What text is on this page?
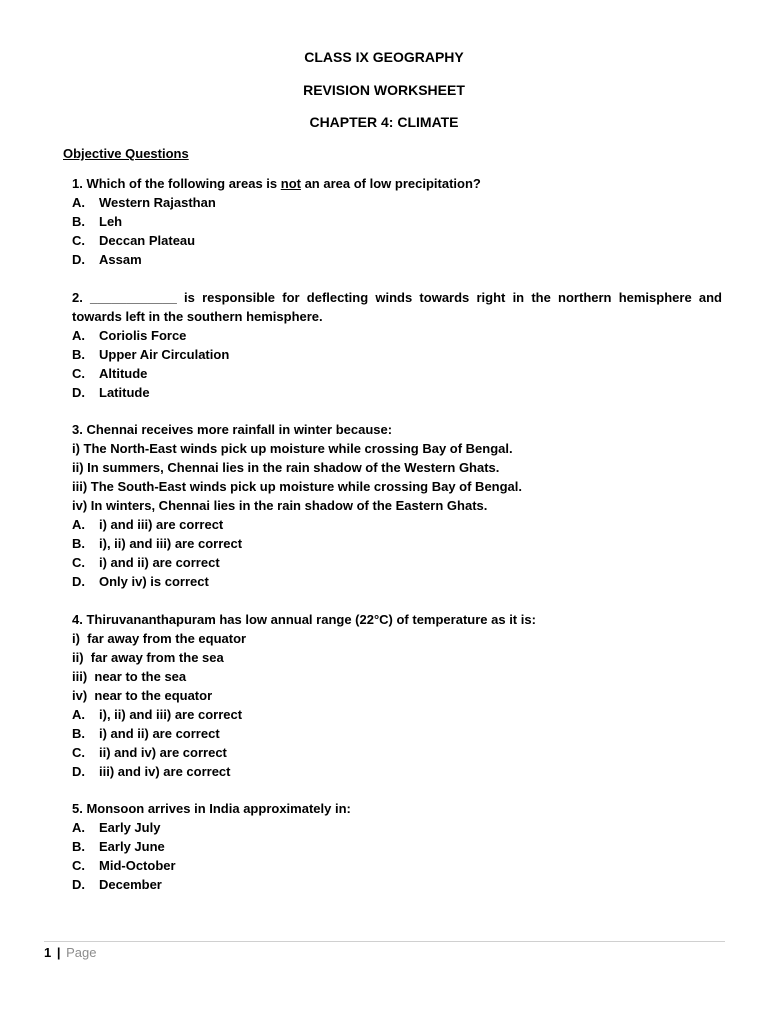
CLASS IX GEOGRAPHY
REVISION WORKSHEET
CHAPTER 4: CLIMATE
Objective Questions
1. Which of the following areas is not an area of low precipitation?
A.	Western Rajasthan
B.	Leh
C.	Deccan Plateau
D.	Assam
2. ____________ is responsible for deflecting winds towards right in the northern hemisphere and towards left in the southern hemisphere.
A.	Coriolis Force
B.	Upper Air Circulation
C.	Altitude
D.	Latitude
3. Chennai receives more rainfall in winter because:
i) The North-East winds pick up moisture while crossing Bay of Bengal.
ii) In summers, Chennai lies in the rain shadow of the Western Ghats.
iii) The South-East winds pick up moisture while crossing Bay of Bengal.
iv) In winters, Chennai lies in the rain shadow of the Eastern Ghats.
A.	i) and iii) are correct
B.	i), ii) and iii) are correct
C.	i) and ii) are correct
D.	Only iv) is correct
4. Thiruvananthapuram has low annual range (22°C) of temperature as it is:
i)  far away from the equator
ii)  far away from the sea
iii)  near to the sea
iv)  near to the equator
A.	i), ii) and iii) are correct
B.	i) and ii) are correct
C.	ii) and iv) are correct
D.	iii) and iv) are correct
5. Monsoon arrives in India approximately in:
A.	Early July
B.	Early June
C.	Mid-October
D.	December
1 | Page
